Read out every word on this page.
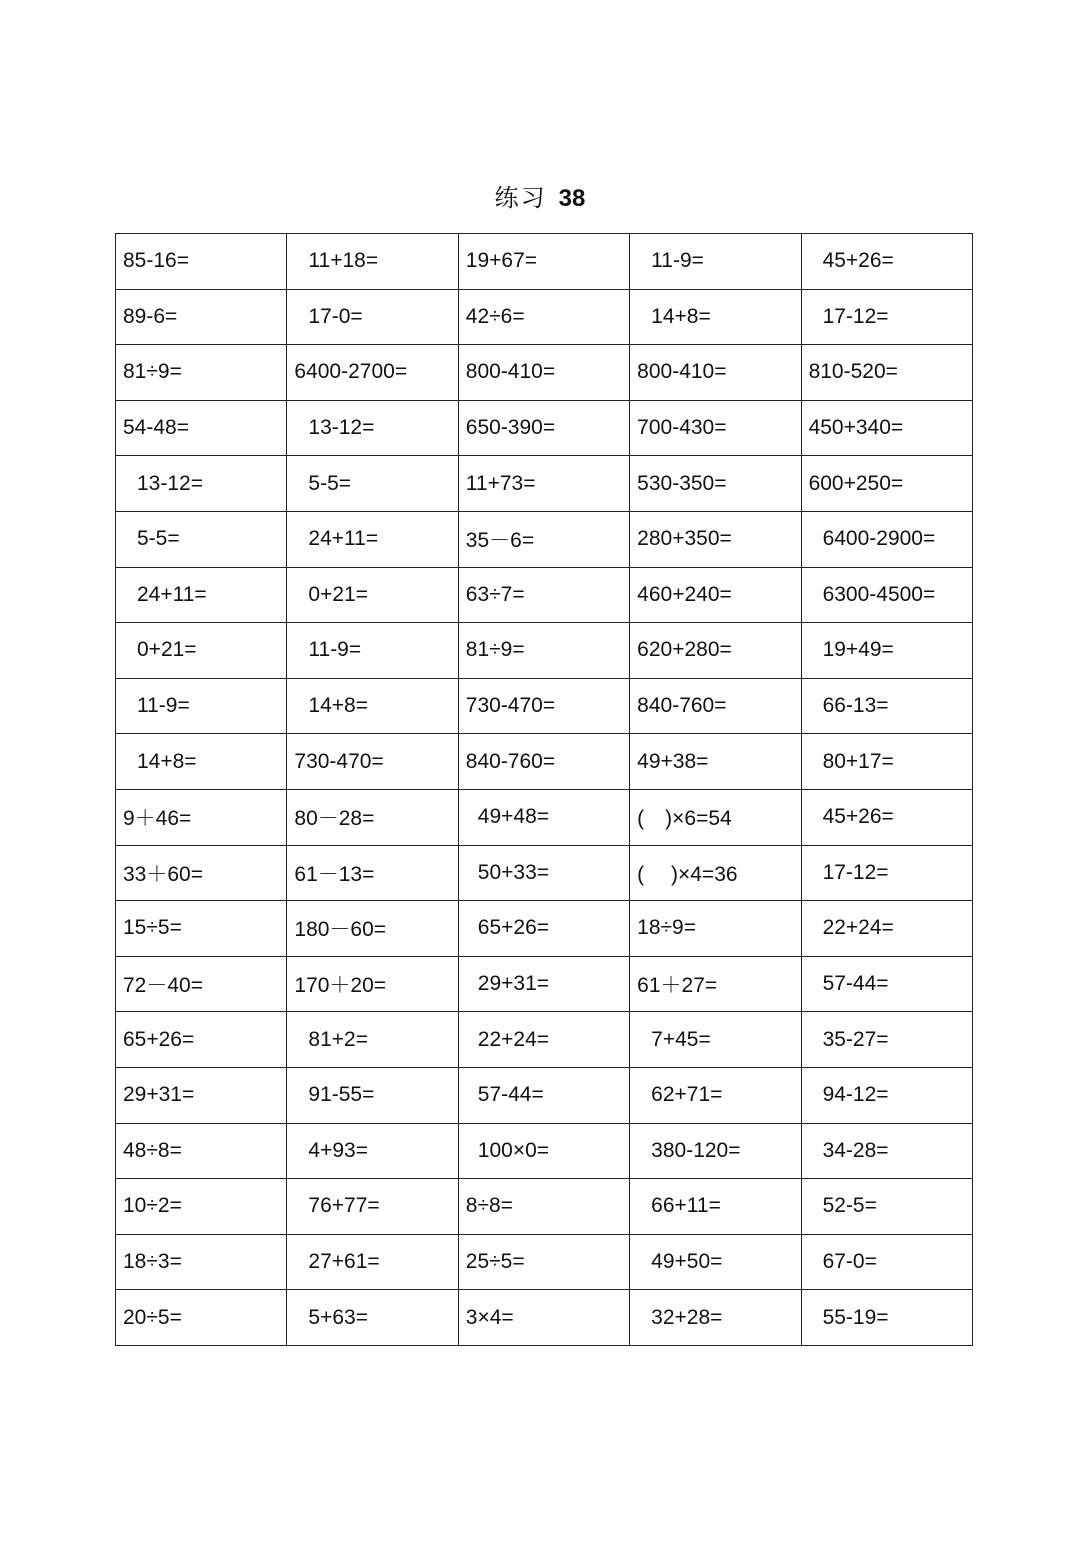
练习 38
85-16=	11+18=	19+67=	11-9=	45+26=
89-6=	17-0=	42÷6=	14+8=	17-12=
81÷9=	6400-2700=	800-410=	800-410=	810-520=
54-48=	13-12=	650-390=	700-430=	450+340=
13-12=	5-5=	11+73=	530-350=	600+250=
5-5=	24+11=	35－6=	280+350=	6400-2900=
24+11=	0+21=	63÷7=	460+240=	6300-4500=
0+21=	11-9=	81÷9=	620+280=	19+49=
11-9=	14+8=	730-470=	840-760=	66-13=
14+8=	730-470=	840-760=	49+38=	80+17=
9＋46=	80－28=	49+48=	(　)×6=54	45+26=
33＋60=	61－13=	50+33=	(　 )×4=36	17-12=
15÷5=	180－60=	65+26=	18÷9=	22+24=
72－40=	170＋20=	29+31=	61＋27=	57-44=
65+26=	81+2=	22+24=	7+45=	35-27=
29+31=	91-55=	57-44=	62+71=	94-12=
48÷8=	4+93=	100×0=	380-120=	34-28=
10÷2=	76+77=	8÷8=	66+11=	52-5=
18÷3=	27+61=	25÷5=	49+50=	67-0=
20÷5=	5+63=	3×4=	32+28=	55-19=
